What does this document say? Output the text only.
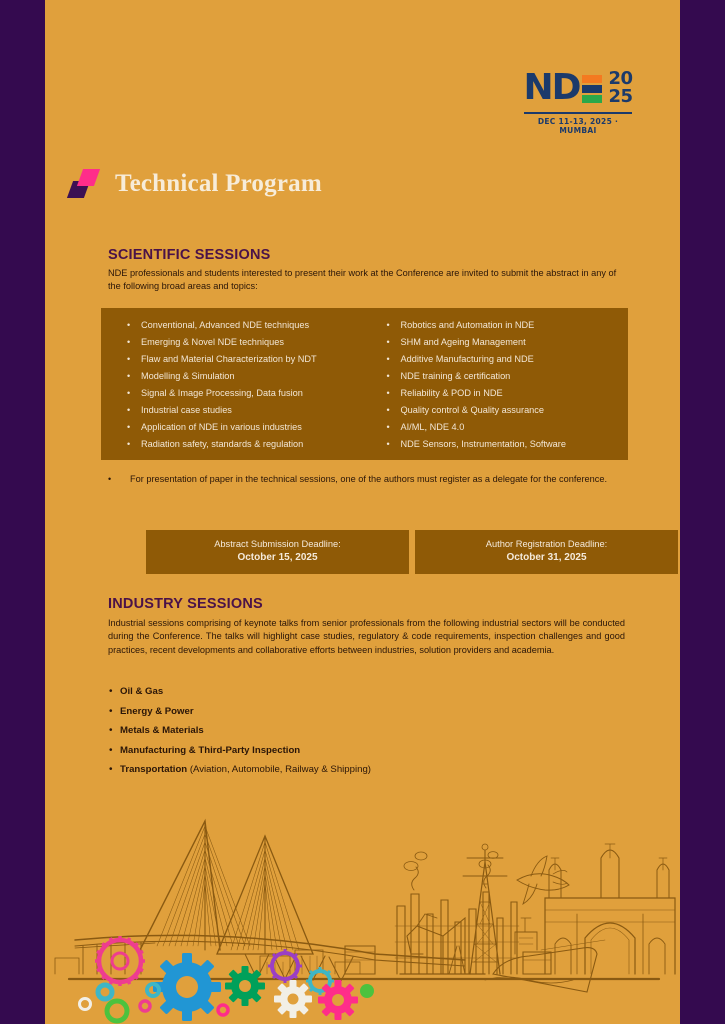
ND 20
25
DEC 11-13, 2025 · MUMBAI
Technical Program
SCIENTIFIC SESSIONS
NDE professionals and students interested to present their work at the Conference are invited to submit the abstract in any of the following broad areas and topics:
•	Conventional, Advanced NDE techniques
•	Emerging & Novel NDE techniques
•	Flaw and Material Characterization by NDT
•	Modelling & Simulation
•	Signal & Image Processing, Data fusion
•	Industrial case studies
•	Application of NDE in various industries
•	Radiation safety, standards & regulation
•	Robotics and Automation in NDE
•	SHM and Ageing Management
•	Additive Manufacturing and NDE
•	NDE training & certification
•	Reliability & POD in NDE
•	Quality control & Quality assurance
•	AI/ML, NDE 4.0
•	NDE Sensors, Instrumentation, Software
•	For presentation of paper in the technical sessions, one of the authors must register as a delegate for the conference.
Abstract Submission Deadline:
October 15, 2025
Author Registration Deadline:
October 31, 2025
INDUSTRY SESSIONS
Industrial sessions comprising of keynote talks from senior professionals from the following industrial sectors will be conducted during the Conference. The talks will highlight case studies, regulatory & code requirements, inspection challenges and good practices, recent developments and collaborative efforts between industries, solution providers and academia.
• Oil & Gas
• Energy & Power
• Metals & Materials
• Manufacturing & Third-Party Inspection
• Transportation (Aviation, Automobile, Railway & Shipping)
